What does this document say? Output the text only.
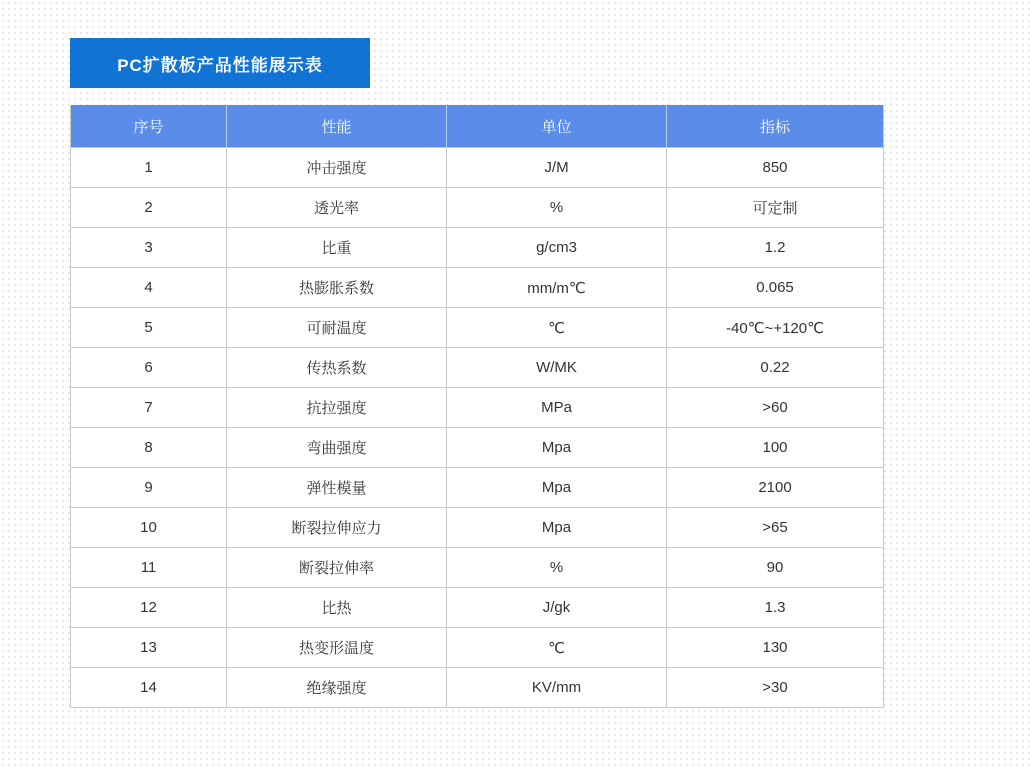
PC扩散板产品性能展示表
序号	性能	单位	指标
1	冲击强度	J/M	850
2	透光率	%	可定制
3	比重	g/cm3	1.2
4	热膨胀系数	mm/m℃	0.065
5	可耐温度	℃	-40℃~+120℃
6	传热系数	W/MK	0.22
7	抗拉强度	MPa	>60
8	弯曲强度	Mpa	100
9	弹性模量	Mpa	2100
10	断裂拉伸应力	Mpa	>65
11	断裂拉伸率	%	90
12	比热	J/gk	1.3
13	热变形温度	℃	130
14	绝缘强度	KV/mm	>30
